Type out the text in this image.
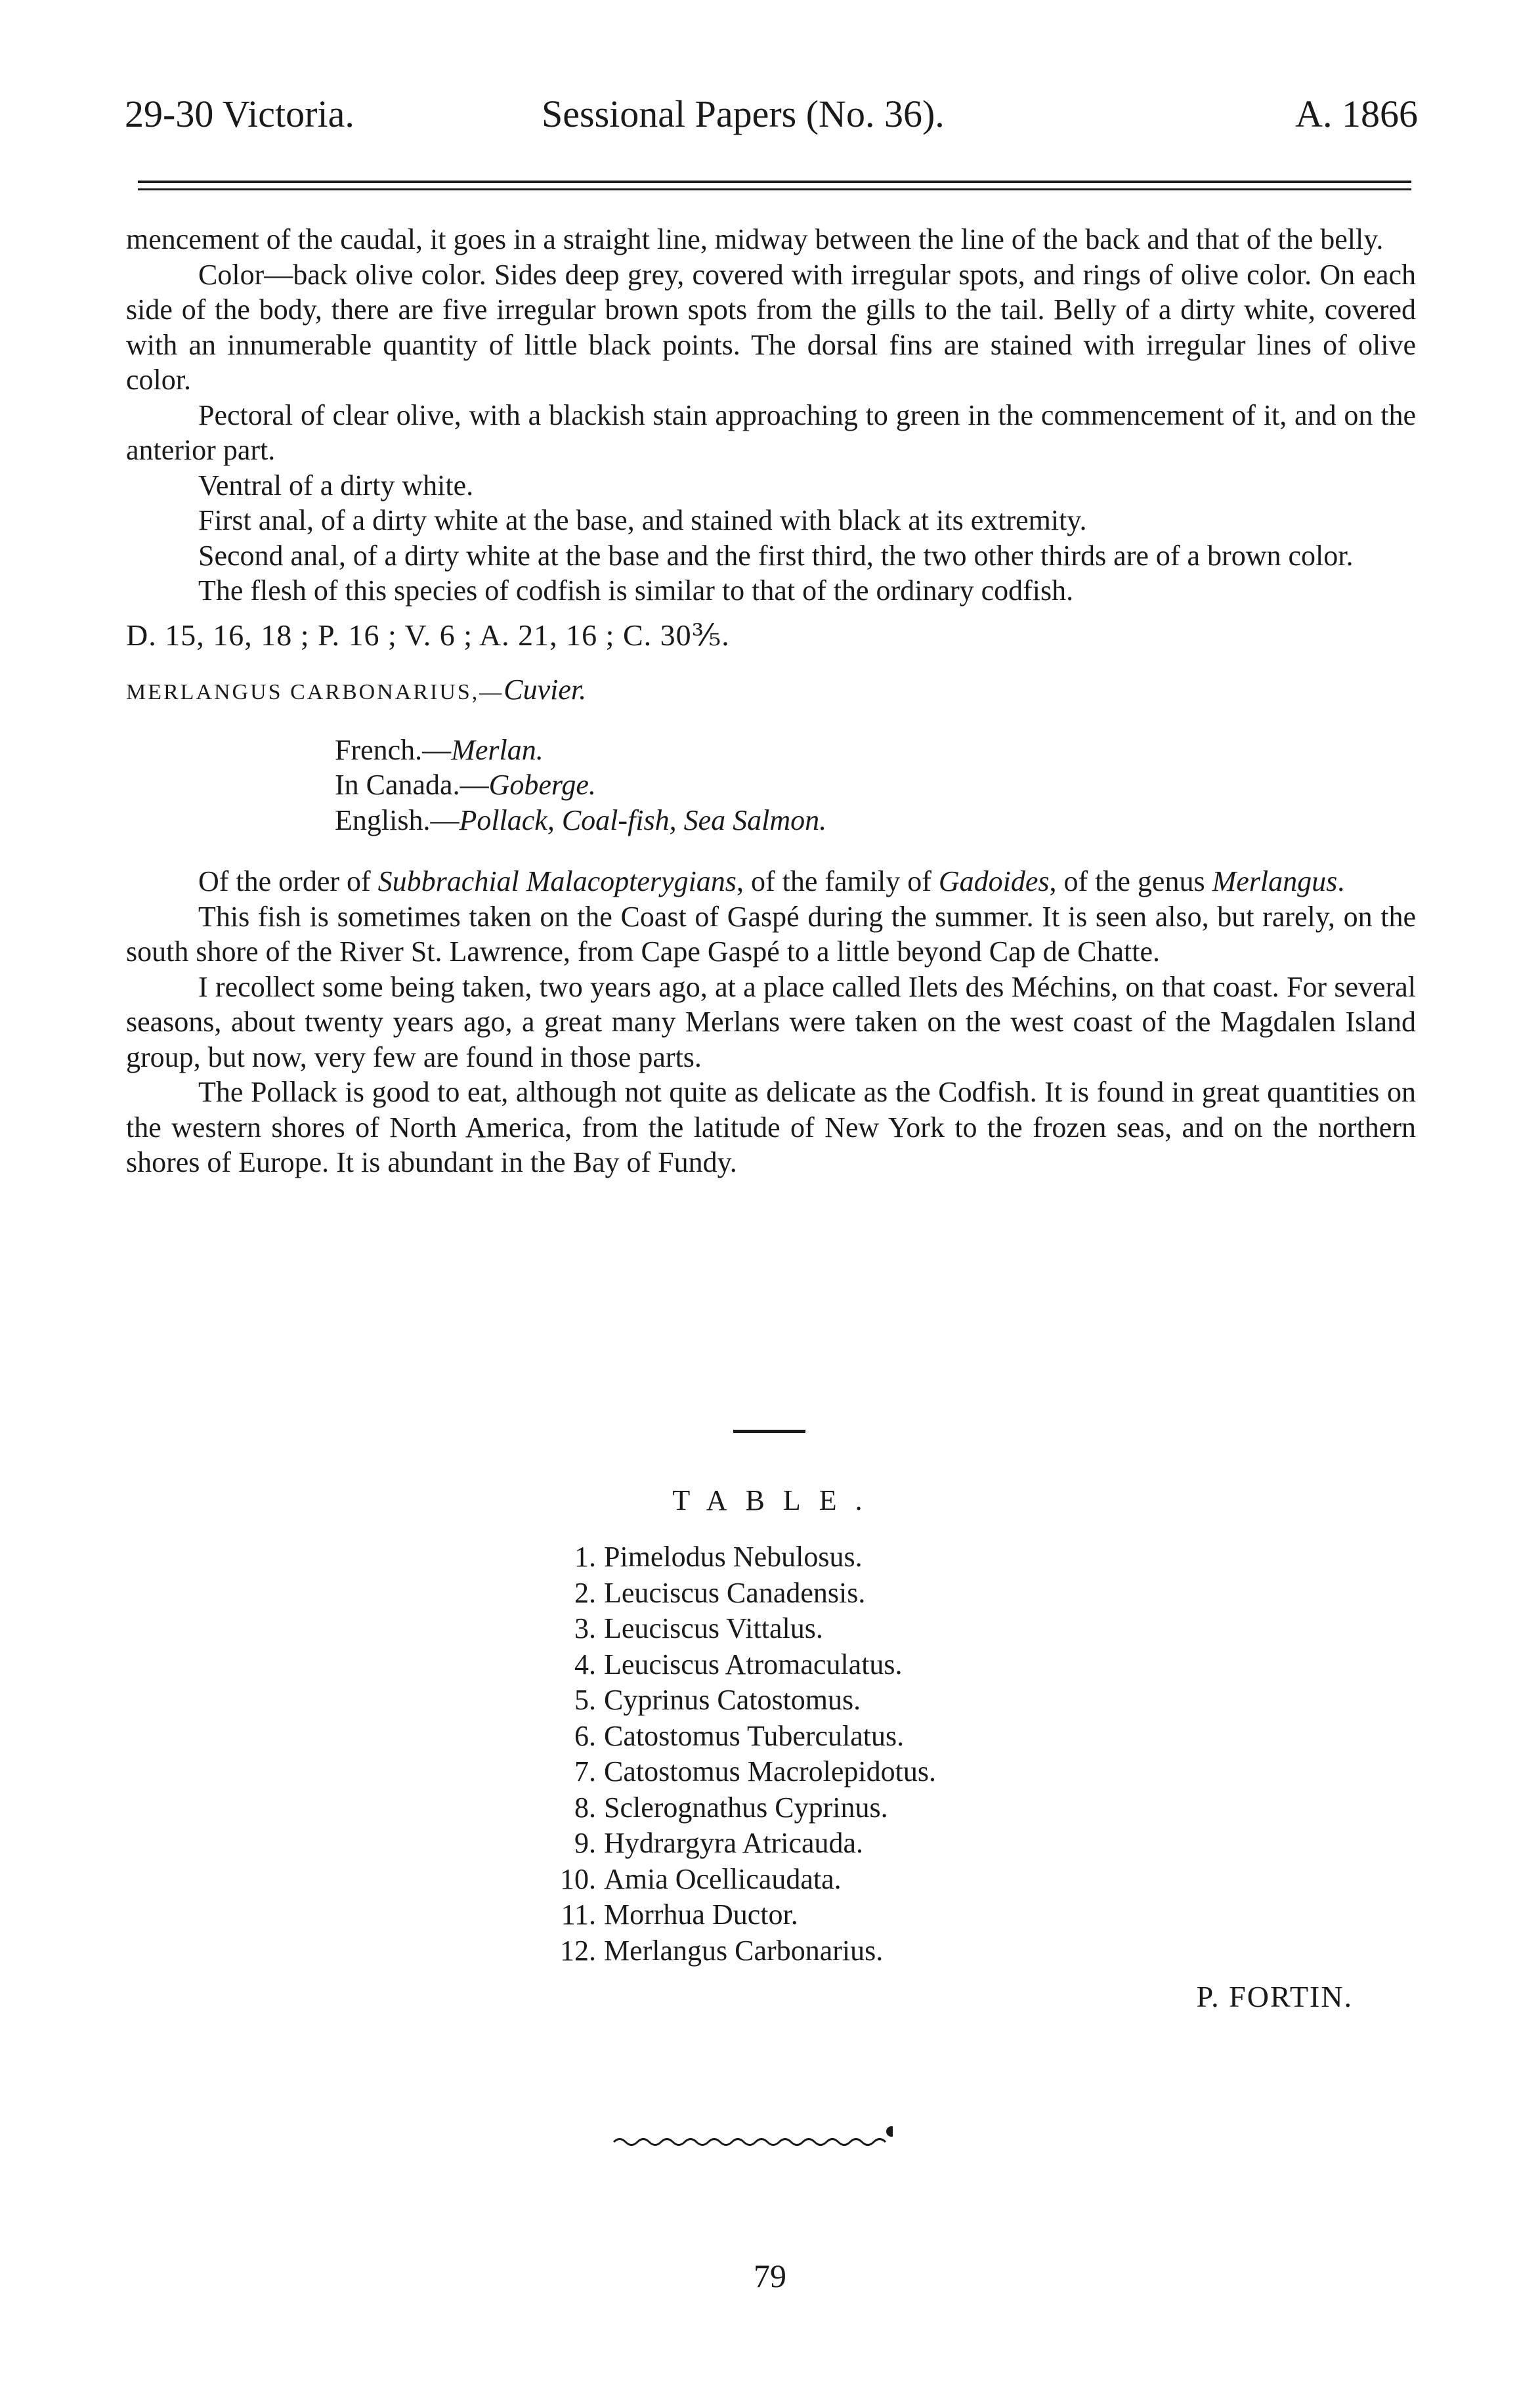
29-30 Victoria.	Sessional Papers (No. 36).	A. 1866

mencement of the caudal, it goes in a straight line, midway between the line of the back and that of the belly.

Color—back olive color. Sides deep grey, covered with irregular spots, and rings of olive color. On each side of the body, there are five irregular brown spots from the gills to the tail. Belly of a dirty white, covered with an innumerable quantity of little black points. The dorsal fins are stained with irregular lines of olive color.

Pectoral of clear olive, with a blackish stain approaching to green in the commencement of it, and on the anterior part.

Ventral of a dirty white.

First anal, of a dirty white at the base, and stained with black at its extremity.

Second anal, of a dirty white at the base and the first third, the two other thirds are of a brown color.

The flesh of this species of codfish is similar to that of the ordinary codfish.

D. 15, 16, 18 ; P. 16 ; V. 6 ; A. 21, 16 ; C. 30⅗.

MERLANGUS CARBONARIUS,—Cuvier.

French.—Merlan.
In Canada.—Goberge.
English.—Pollack, Coal-fish, Sea Salmon.

Of the order of Subbrachial Malacopterygians, of the family of Gadoides, of the genus Merlangus.

This fish is sometimes taken on the Coast of Gaspé during the summer. It is seen also, but rarely, on the south shore of the River St. Lawrence, from Cape Gaspé to a little beyond Cap de Chatte.

I recollect some being taken, two years ago, at a place called Ilets des Méchins, on that coast. For several seasons, about twenty years ago, a great many Merlans were taken on the west coast of the Magdalen Island group, but now, very few are found in those parts.

The Pollack is good to eat, although not quite as delicate as the Codfish. It is found in great quantities on the western shores of North America, from the latitude of New York to the frozen seas, and on the northern shores of Europe. It is abundant in the Bay of Fundy.

TABLE.
1. Pimelodus Nebulosus.
2. Leuciscus Canadensis.
3. Leuciscus Vittalus.
4. Leuciscus Atromaculatus.
5. Cyprinus Catostomus.
6. Catostomus Tuberculatus.
7. Catostomus Macrolepidotus.
8. Sclerognathus Cyprinus.
9. Hydrargyra Atricauda.
10. Amia Ocellicaudata.
11. Morrhua Ductor.
12. Merlangus Carbonarius.
P. FORTIN.
79
